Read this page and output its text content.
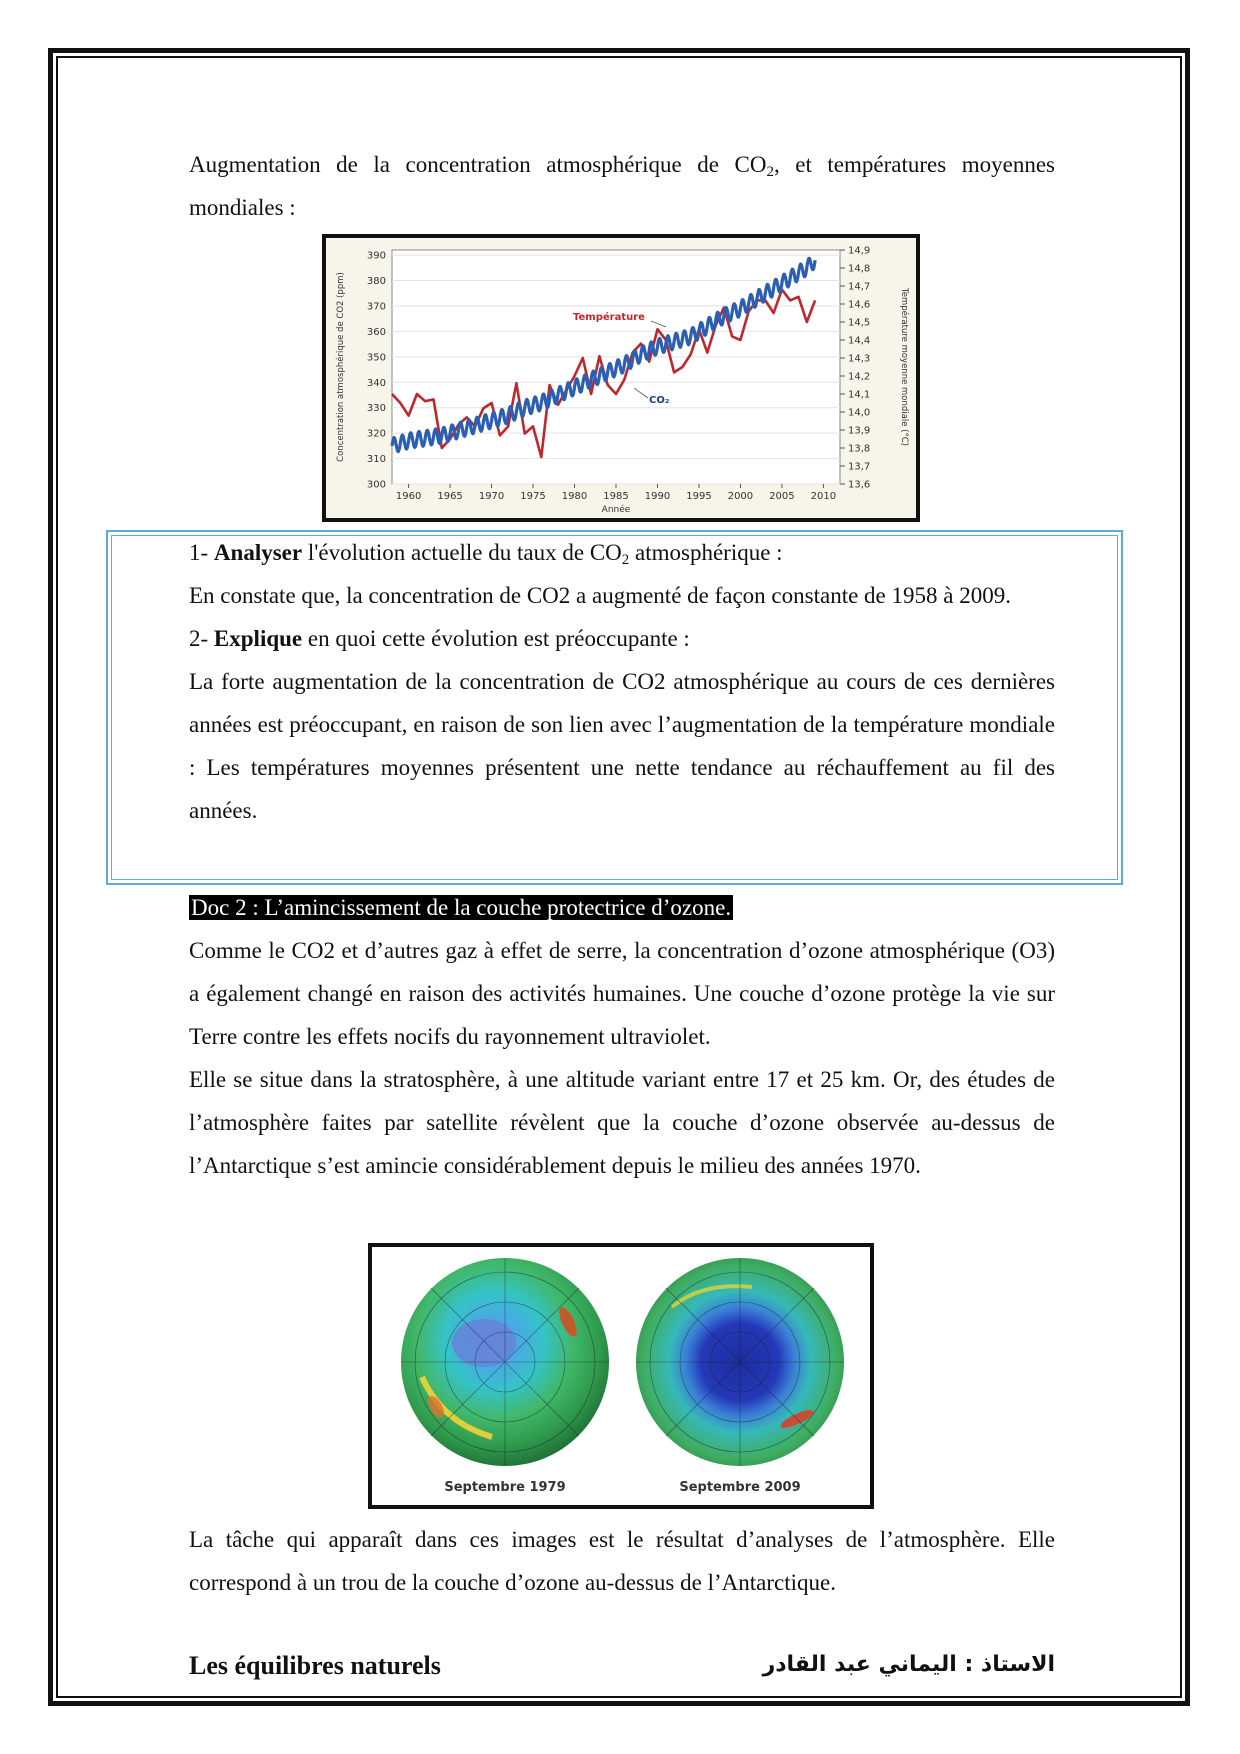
Augmentation de la concentration atmosphérique de $CO_2$, et températures moyennes mondiales :

300
310
320
330
340
350
360
370
380
390
13,6
13,7
13,8
13,9
14,0
14,1
14,2
14,3
14,4
14,5
14,6
14,7
14,8
14,9
1960 1965 1970 1975 1980 1985 1990 1995 2000 2005 2010
Année
Concentration atmosphérique de CO2 (ppm)	Température moyenne mondiale (°C)
Température
CO₂

1- Analyser l'évolution actuelle du taux de $CO_2$ atmosphérique :

En constate que, la concentration de CO2 a augmenté de façon constante de 1958 à 2009.

2- Explique en quoi cette évolution est préoccupante :

La forte augmentation de la concentration de CO2 atmosphérique au cours de ces dernières années est préoccupant, en raison de son lien avec l’augmentation de la température mondiale : Les températures moyennes présentent une nette tendance au réchauffement au fil des années.

Doc 2 : L’amincissement de la couche protectrice d’ozone.

Comme le CO2 et d’autres gaz à effet de serre, la concentration d’ozone atmosphérique (O3) a également changé en raison des activités humaines. Une couche d’ozone protège la vie sur Terre contre les effets nocifs du rayonnement ultraviolet.

Elle se situe dans la stratosphère, à une altitude variant entre 17 et 25 km. Or, des études de l’atmosphère faites par satellite révèlent que la couche d’ozone observée au-dessus de l’Antarctique s’est amincie considérablement depuis le milieu des années 1970.

Septembre 1979	Septembre 2009

La tâche qui apparaît dans ces images est le résultat d’analyses de l’atmosphère. Elle correspond à un trou de la couche d’ozone au-dessus de l’Antarctique.

Les équilibres naturels	الاستاذ : اليماني عبد القادر
